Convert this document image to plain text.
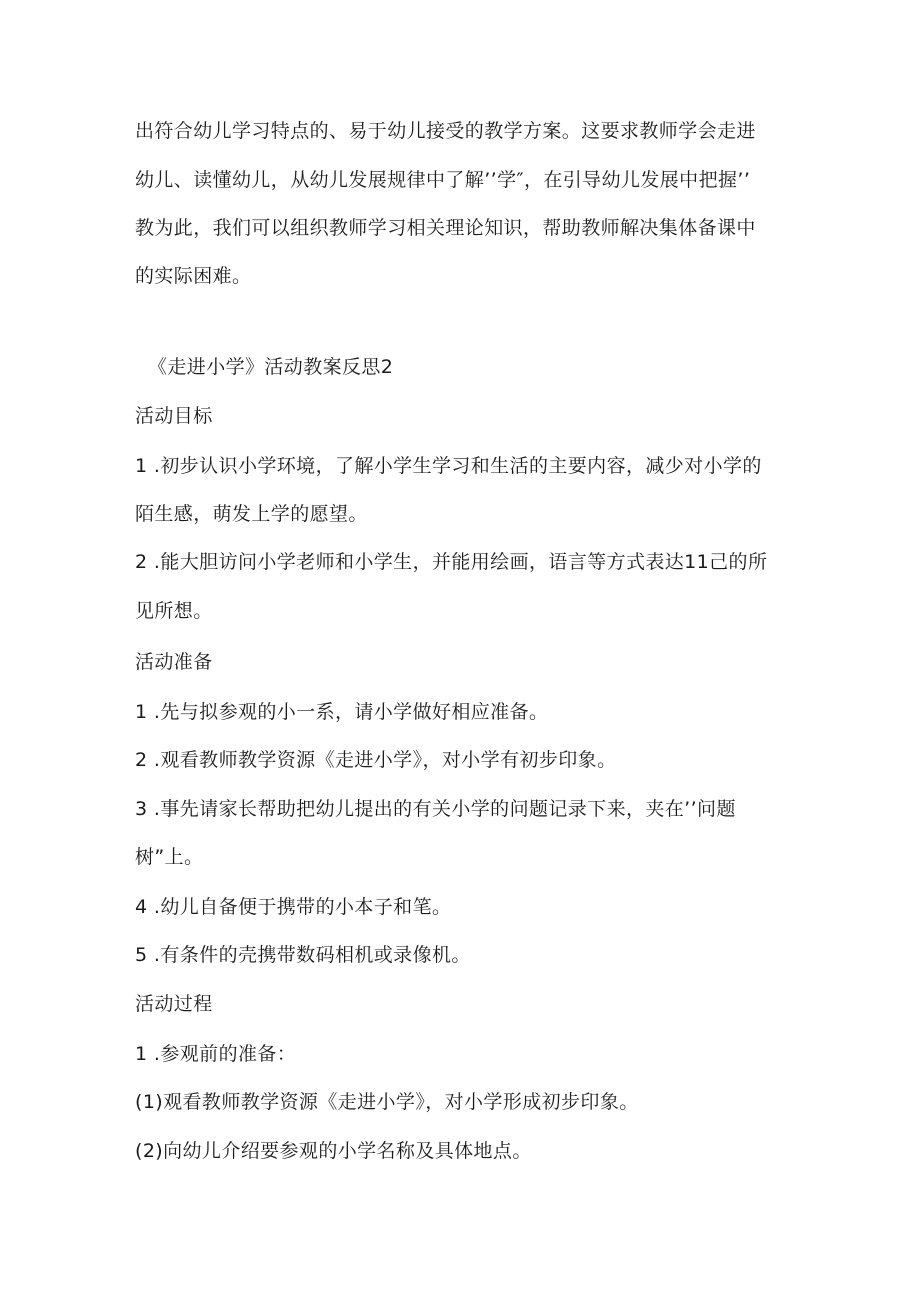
出符合幼儿学习特点的、易于幼儿接受的教学方案。这要求教师学会走进
幼儿、读懂幼儿，从幼儿发展规律中了解’’学″，在引导幼儿发展中把握’’
教为此，我们可以组织教师学习相关理论知识，帮助教师解决集体备课中
的实际困难。
《走进小学》活动教案反思2
活动目标
1 .初步认识小学环境，了解小学生学习和生活的主要内容，减少对小学的
陌生感，萌发上学的愿望。
2 .能大胆访问小学老师和小学生，并能用绘画，语言等方式表达11己的所
见所想。
活动准备
1 .先与拟参观的小一系，请小学做好相应准备。
2 .观看教师教学资源《走进小学》，对小学有初步印象。
3 .事先请家长帮助把幼儿提出的有关小学的问题记录下来，夹在’’问题
树”上。
4 .幼儿自备便于携带的小本子和笔。
5 .有条件的壳携带数码相机或录像机。
活动过程
1 .参观前的准备：
(1)观看教师教学资源《走进小学》，对小学形成初步印象。
(2)向幼儿介绍要参观的小学名称及具体地点。
